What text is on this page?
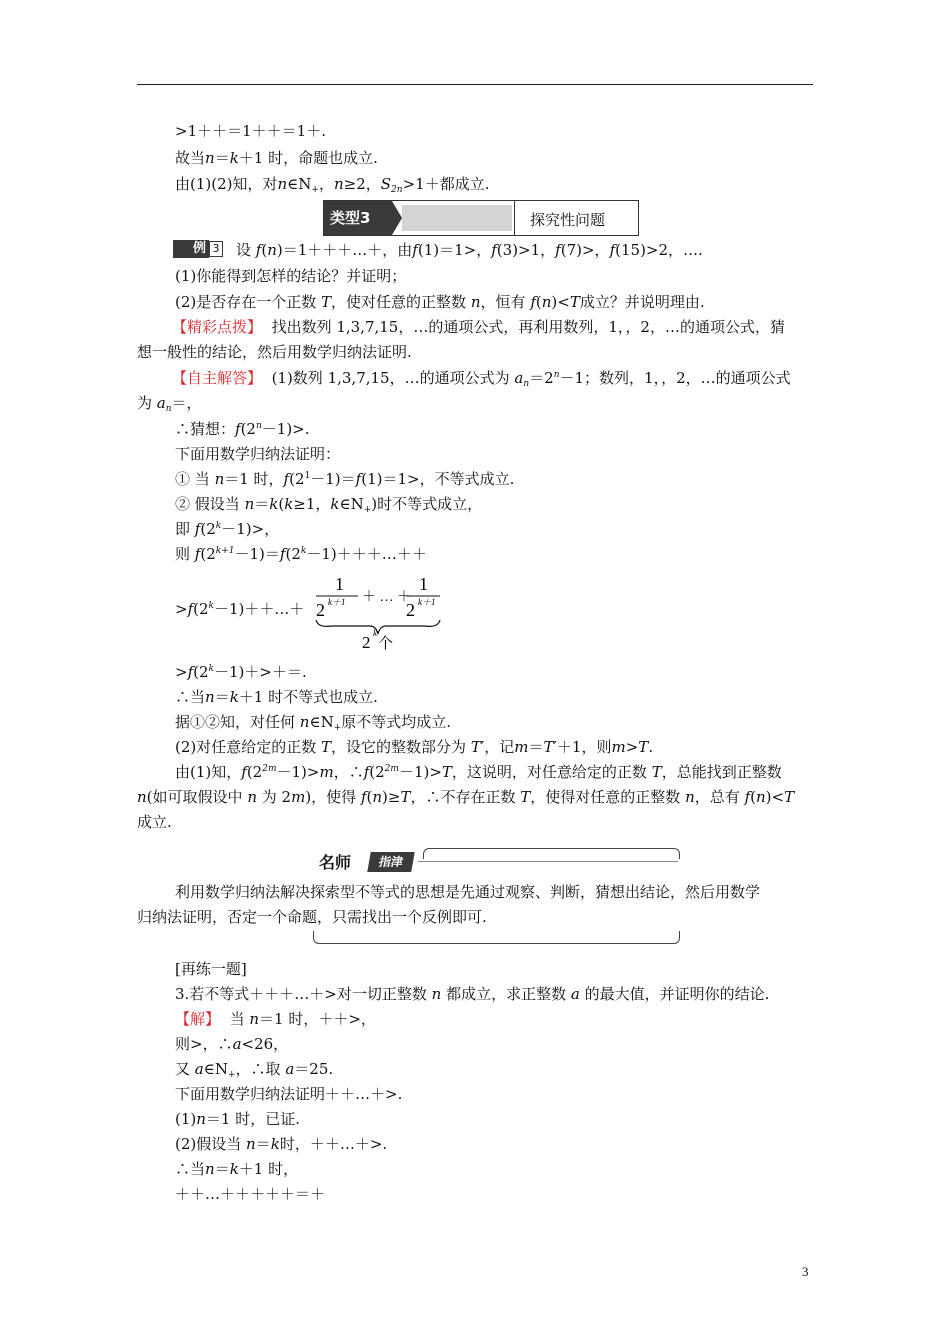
>1＋＋＝1＋＋＝1＋.
故当n＝k＋1 时，命题也成立.
由(1)(2)知，对$n\in N_+$，n≥2，$S_{2n}>1+$都成立.
类型3	探究性问题
例 3 设 f(n)＝1＋＋＋…＋，由f(1)＝1>，f(3)>1，f(7)>，f(15)>2，….
(1)你能得到怎样的结论？并证明；
(2)是否存在一个正数 T，使对任意的正整数 n，恒有 f(n)<T成立？并说明理由.
【精彩点拨】 找出数列 1,3,7,15，…的通项公式，再利用数列，1，，2，…的通项公式，猜
想一般性的结论，然后用数学归纳法证明.
【自主解答】 (1)数列 1,3,7,15，…的通项公式为 $a_n=2^n-1$；数列，1，，2，…的通项公式
为 $a_n=$，
∴猜想：$f(2^n-1)>$.
下面用数学归纳法证明：
① 当 n＝1 时，$f(2^1-1)=f(1)=1>$，不等式成立.
② 假设当 n＝k(k≥1，$k\in N_+$)时不等式成立，
即 $f(2^k-1)>$，
则 $f(2^{k+1}-1)=f(2^k-1)+++\dots++$
$>f(2^k-1)++\dots+$
1
2 k＋1 ＋ … ＋
1
2 k＋1
2 k
个
$>f(2^k-1)+>+=$.
∴当n＝k＋1 时不等式也成立.
据①②知，对任何 $n\in N_+$原不等式均成立.
(2)对任意给定的正数 T，设它的整数部分为 T′，记m＝T′＋1，则m>T.
由(1)知，$f(2^{2m}-1)>m$，$\therefore f(2^{2m}-1)>T$，这说明，对任意给定的正数 T，总能找到正整数
n(如可取假设中 n 为 2m)，使得 f(n)≥T，∴不存在正数 T，使得对任意的正整数 n，总有 f(n)<T
成立.
名师	指津
利用数学归纳法解决探索型不等式的思想是先通过观察、判断，猜想出结论，然后用数学
归纳法证明，否定一个命题，只需找出一个反例即可.
[再练一题]
3.若不等式＋＋＋…＋>对一切正整数 n 都成立，求正整数 a 的最大值，并证明你的结论.
【解】 当 n＝1 时，＋＋>，
则>，∴a<26，
又 $a\in N_+$，∴取 a＝25.
下面用数学归纳法证明＋＋…＋>.
(1)n＝1 时，已证.
(2)假设当 n＝k时，＋＋…＋>.
∴当n＝k＋1 时，
＋＋…＋＋＋＋＋＝＋
3
